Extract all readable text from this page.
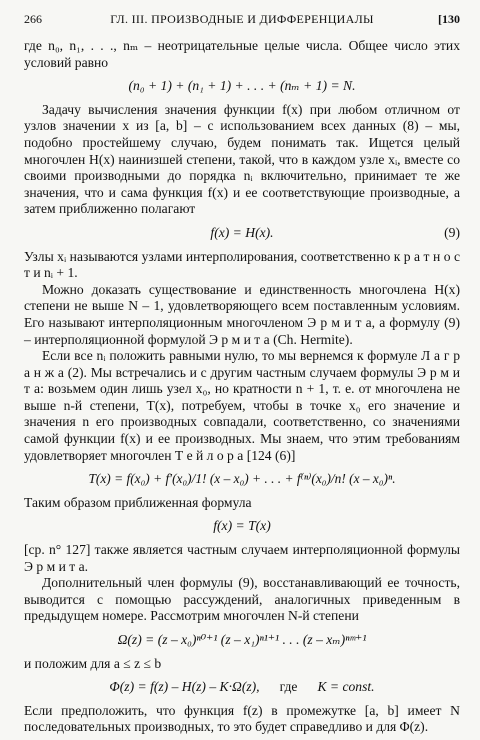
266	ГЛ. III. ПРОИЗВОДНЫЕ И ДИФФЕРЕНЦИАЛЫ	[130

где n₀, n₁, . . ., nₘ – неотрицательные целые числа. Общее число этих условий равно

(n₀ + 1) + (n₁ + 1) + . . . + (nₘ + 1) = N.

Задачу вычисления значения функции f(x) при любом отличном от узлов значении x из [a, b] – с использованием всех данных (8) – мы, подобно простейшему случаю, будем понимать так. Ищется целый многочлен H(x) наинизшей степени, такой, что в каждом узле xᵢ, вместе со своими производными до порядка nᵢ включительно, принимает те же значения, что и сама функция f(x) и ее соответствующие производные, а затем приближенно полагают

f(x) = H(x).	(9)

Узлы xᵢ называются узлами интерполирования, соответственно к р а т н о с т и nᵢ + 1.

Можно доказать существование и единственность многочлена H(x) степени не выше N – 1, удовлетворяющего всем поставленным условиям. Его называют интерполяционным многочленом Э р м и т а, а формулу (9) – интерполяционной формулой Э р м и т а (Ch. Hermite).

Если все nᵢ положить равными нулю, то мы вернемся к формуле Л а г р а н ж а (2). Мы встречались и с другим частным случаем формулы Э р м и т а: возьмем один лишь узел x₀, но кратности n + 1, т. е. от многочлена не выше n-й степени, T(x), потребуем, чтобы в точке x₀ его значение и значения n его производных совпадали, соответственно, со значениями самой функции f(x) и ее производных. Мы знаем, что этим требованиям удовлетворяет многочлен Т е й л о р а [124 (6)]

T(x) = f(x₀) + f′(x₀)/1! (x – x₀) + . . . + f⁽ⁿ⁾(x₀)/n! (x – x₀)ⁿ.

Таким образом приближенная формула

f(x) = T(x)

[ср. n° 127] также является частным случаем интерполяционной формулы Э р м и т а.

Дополнительный член формулы (9), восстанавливающий ее точность, выводится с помощью рассуждений, аналогичных приведенным в предыдущем номере. Рассмотрим многочлен N-й степени

Ω(z) = (z – x₀)ⁿ⁰⁺¹ (z – x₁)ⁿ¹⁺¹ . . . (z – xₘ)ⁿᵐ⁺¹

и положим для a ≤ z ≤ b

Φ(z) = f(z) – H(z) – K·Ω(z), где K = const.

Если предположить, что функция f(z) в промежутке [a, b] имеет N последовательных производных, то это будет справедливо и для Φ(z).
